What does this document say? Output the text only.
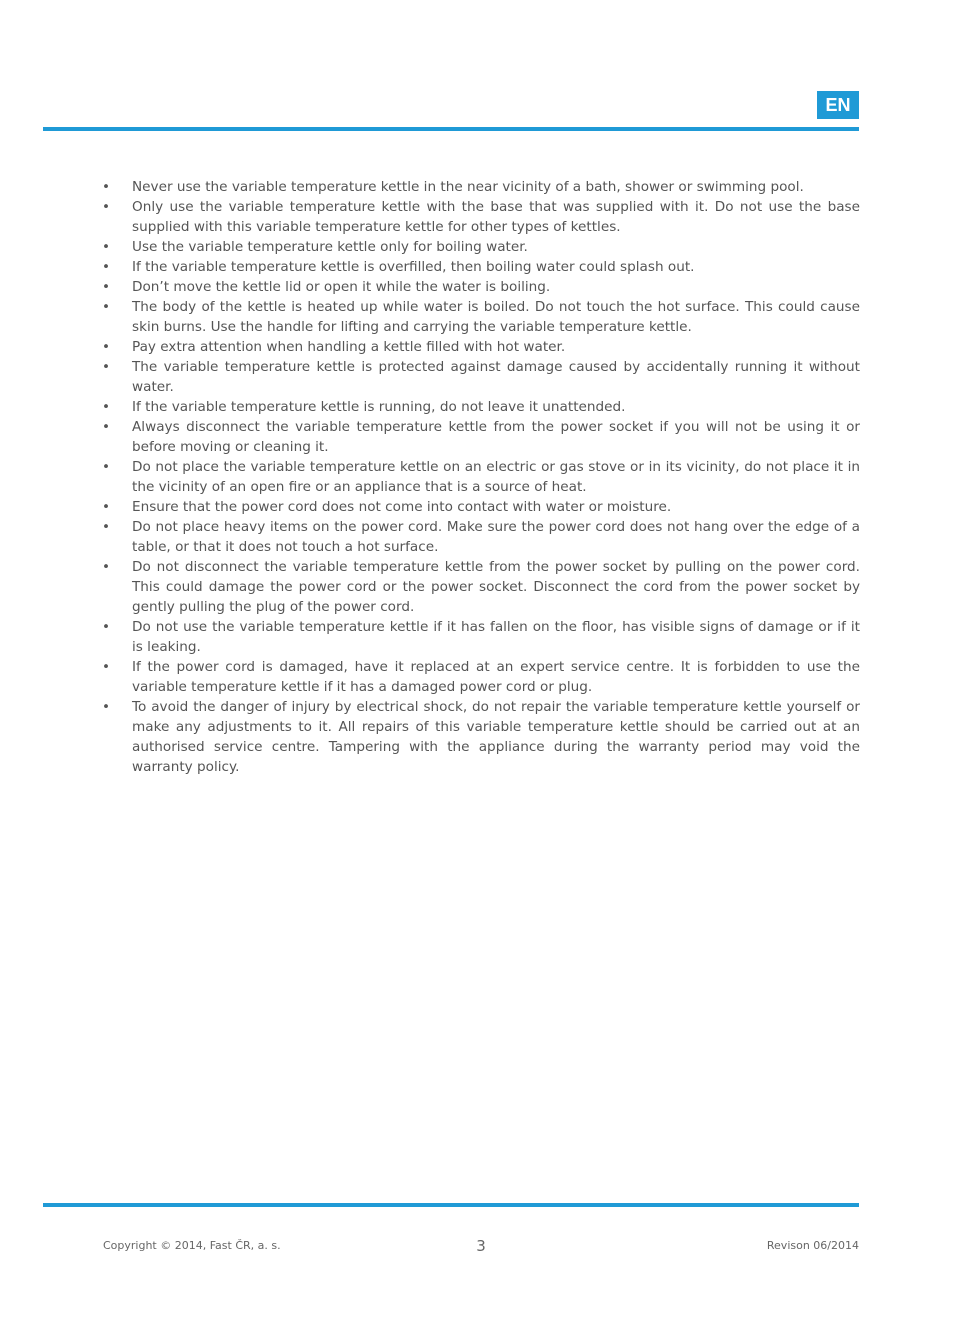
EN
• Never use the variable temperature kettle in the near vicinity of a bath, shower or swimming pool.
• Only use the variable temperature kettle with the base that was supplied with it. Do not use the base supplied with this variable temperature kettle for other types of kettles.
• Use the variable temperature kettle only for boiling water.
• If the variable temperature kettle is overfilled, then boiling water could splash out.
• Don’t move the kettle lid or open it while the water is boiling.
• The body of the kettle is heated up while water is boiled. Do not touch the hot surface. This could cause skin burns. Use the handle for lifting and carrying the variable temperature kettle.
• Pay extra attention when handling a kettle filled with hot water.
• The variable temperature kettle is protected against damage caused by accidentally running it without water.
• If the variable temperature kettle is running, do not leave it unattended.
• Always disconnect the variable temperature kettle from the power socket if you will not be using it or before moving or cleaning it.
• Do not place the variable temperature kettle on an electric or gas stove or in its vicinity, do not place it in the vicinity of an open fire or an appliance that is a source of heat.
• Ensure that the power cord does not come into contact with water or moisture.
• Do not place heavy items on the power cord. Make sure the power cord does not hang over the edge of a table, or that it does not touch a hot surface.
• Do not disconnect the variable temperature kettle from the power socket by pulling on the power cord. This could damage the power cord or the power socket. Disconnect the cord from the power socket by gently pulling the plug of the power cord.
• Do not use the variable temperature kettle if it has fallen on the floor, has visible signs of damage or if it is leaking.
• If the power cord is damaged, have it replaced at an expert service centre. It is forbidden to use the variable temperature kettle if it has a damaged power cord or plug.
• To avoid the danger of injury by electrical shock, do not repair the variable temperature kettle yourself or make any adjustments to it. All repairs of this variable temperature kettle should be carried out at an authorised service centre. Tampering with the appliance during the warranty period may void the warranty policy.
Copyright © 2014, Fast ČR, a. s.	3	Revison 06/2014
